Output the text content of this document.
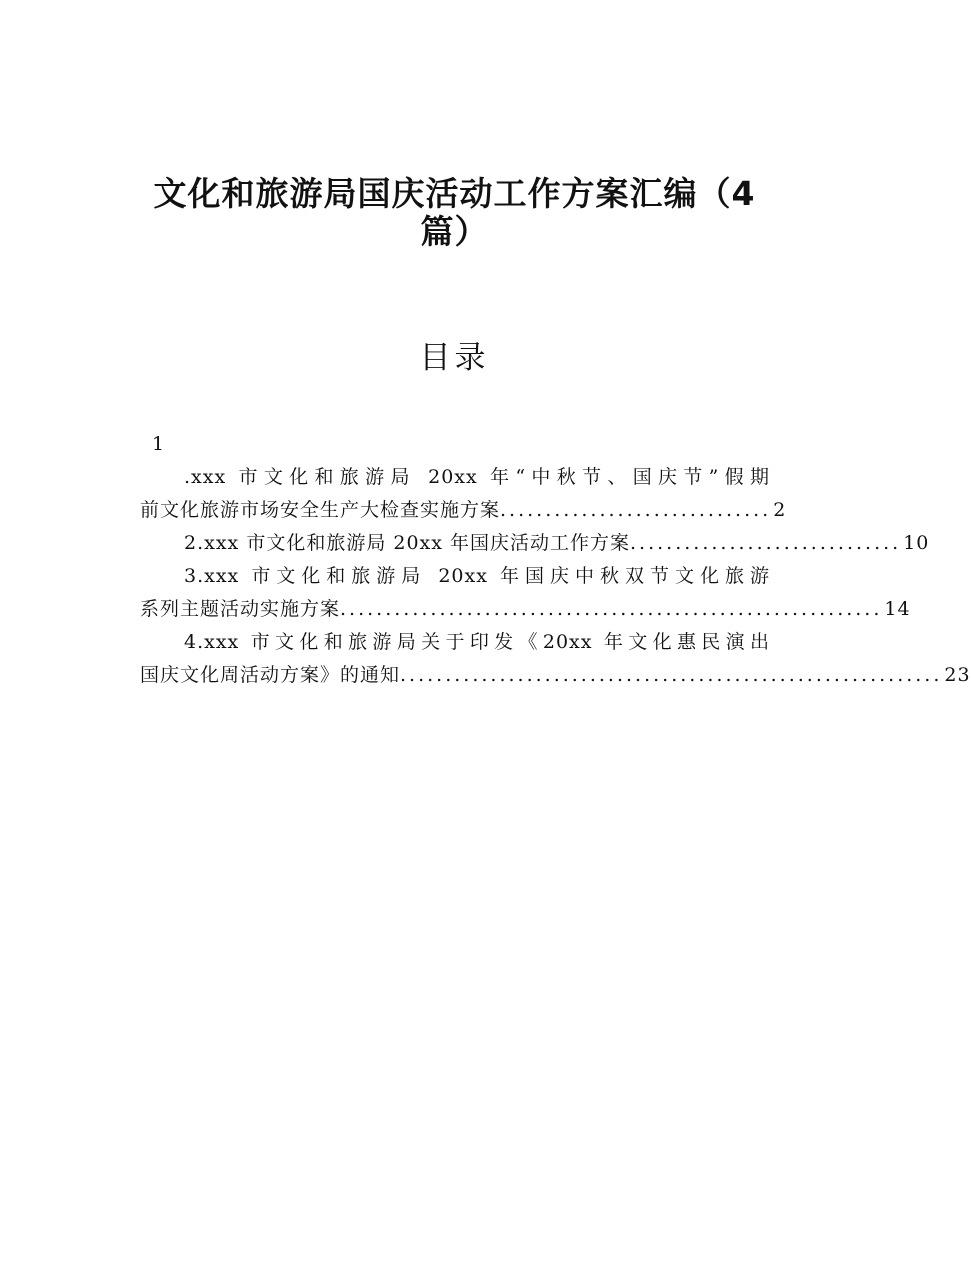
文化和旅游局国庆活动工作方案汇编（4
篇）
目录
1
.xxx 市文化和旅游局 20xx 年“中秋节、国庆节”假期
前文化旅游市场安全生产大检查实施方案 .............................. 2
2.xxx 市文化和旅游局 20xx 年国庆活动工作方案 .............................. 10
3.xxx 市文化和旅游局 20xx 年国庆中秋双节文化旅游
系列主题活动实施方案 ............................................................ 14
4.xxx 市文化和旅游局关于印发《20xx 年文化惠民演出
国庆文化周活动方案》的通知 ............................................................ 23
